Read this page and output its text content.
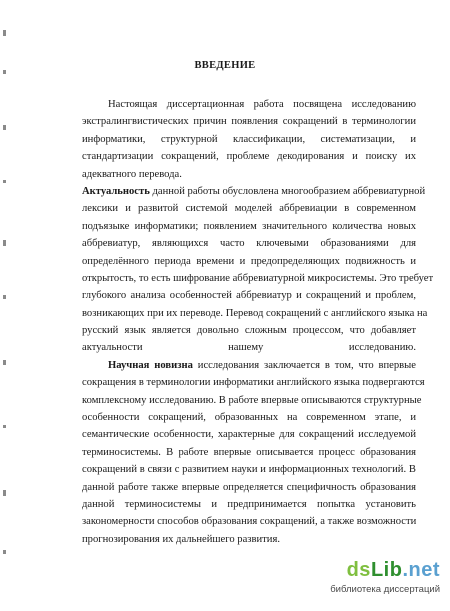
ВВЕДЕНИЕ
Настоящая диссертационная работа посвящена исследованию
экстралингвистических причин появления сокращений в терминологии
информатики, структурной классификации, систематизации, и
стандартизации сокращений, проблеме декодирования и поиску их
адекватного перевода.
Актуальность данной работы обусловлена многообразием аббревиатурной
лексики и развитой системой моделей аббревиации в современном
подъязыке информатики; появлением значительного количества новых
аббревиатур, являющихся часто ключевыми образованиями для
определённого периода времени и предопределяющих подвижность и
открытость, то есть шифрование аббревиатурной микросистемы. Это требует
глубокого анализа особенностей аббревиатур и сокращений и проблем,
возникающих при их переводе. Перевод сокращений с английского языка на
русский язык является довольно сложным процессом, что добавляет
актуальности нашему исследованию.
Научная новизна исследования заключается в том, что впервые
сокращения в терминологии информатики английского языка подвергаются
комплексному исследованию. В работе впервые описываются структурные
особенности сокращений, образованных на современном этапе, и
семантические особенности, характерные для сокращений исследуемой
терминосистемы. В работе впервые описывается процесс образования
сокращений в связи с развитием науки и информационных технологий. В
данной работе также впервые определяется специфичность образования
данной терминосистемы и предпринимается попытка установить
закономерности способов образования сокращений, а также возможности
прогнозирования их дальнейшего развития.
dsLib.net
библиотека диссертаций
